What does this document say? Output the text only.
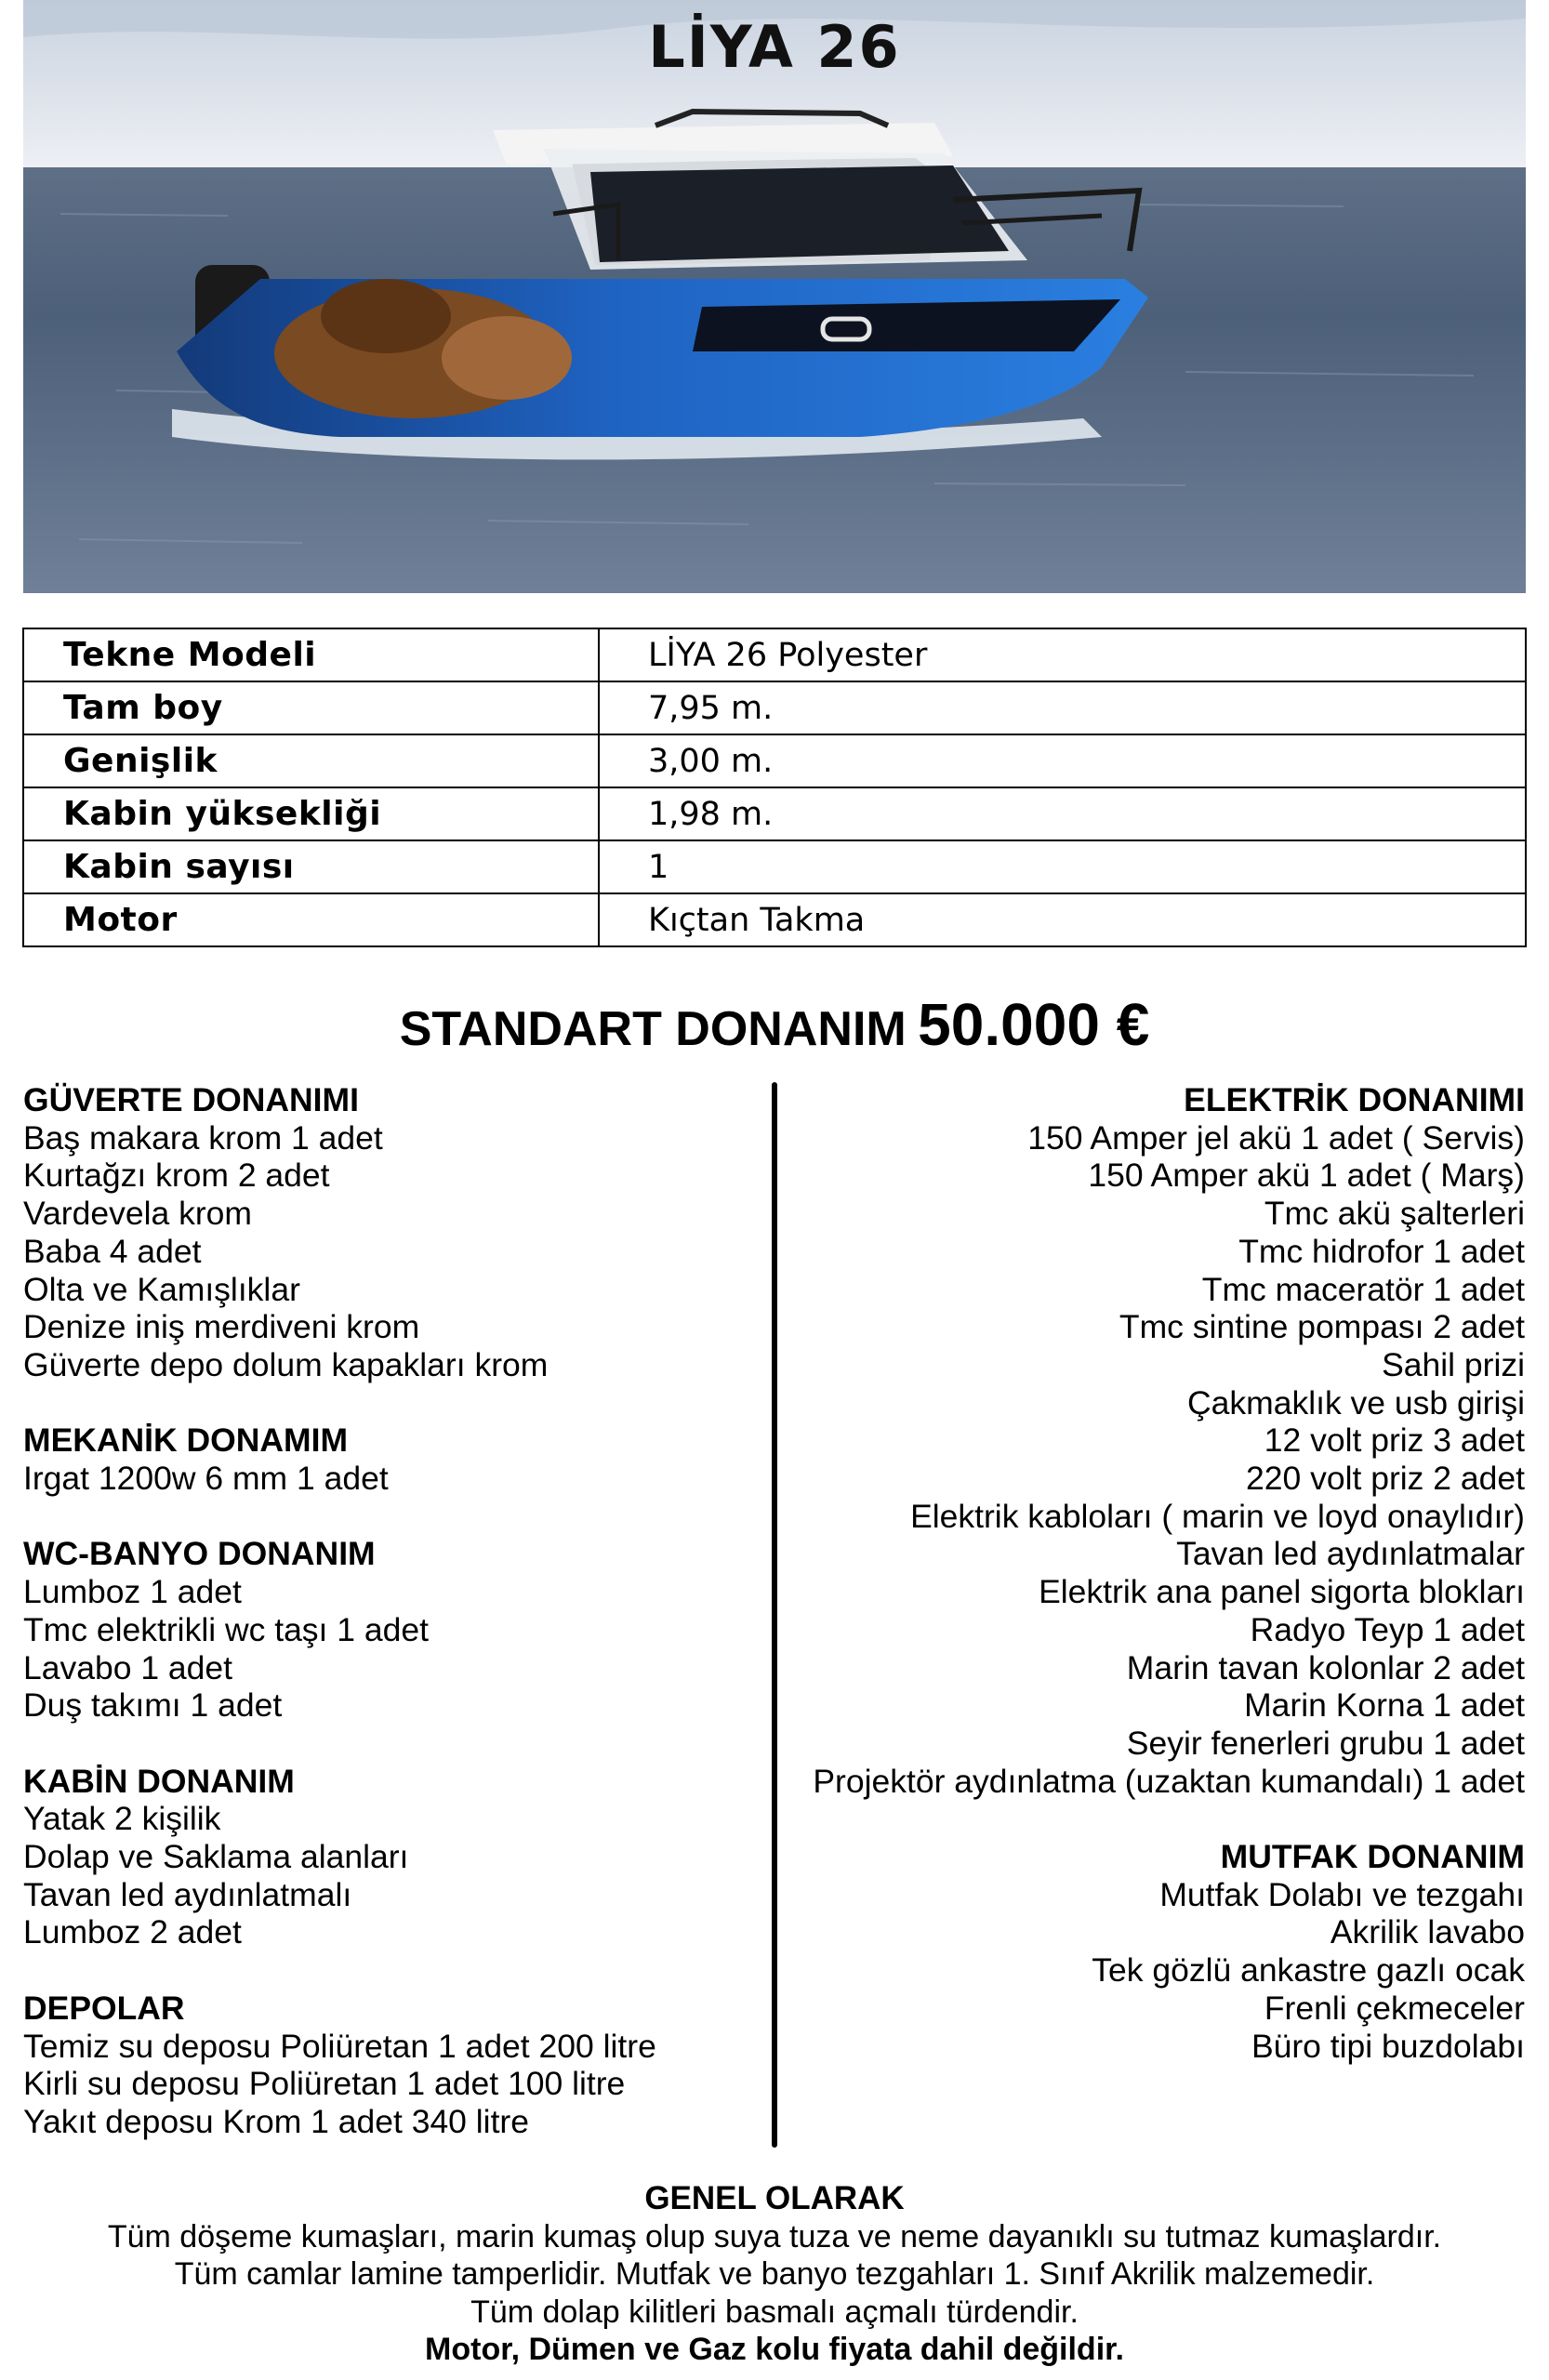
LİYA 26
Tekne Modeli	LİYA 26 Polyester
Tam boy	7,95 m.
Genişlik	3,00 m.
Kabin yüksekliği	1,98 m.
Kabin sayısı	1
Motor	Kıçtan Takma
STANDART DONANIM 50.000 €
GÜVERTE DONANIMI
Baş makara krom 1 adet
Kurtağzı krom 2 adet
Vardevela krom
Baba 4 adet
Olta ve Kamışlıklar
Denize iniş merdiveni krom
Güverte depo dolum kapakları krom
MEKANİK DONAMIM
Irgat 1200w 6 mm 1 adet
WC-BANYO DONANIM
Lumboz 1 adet
Tmc elektrikli wc taşı 1 adet
Lavabo 1 adet
Duş takımı 1 adet
KABİN DONANIM
Yatak 2 kişilik
Dolap ve Saklama alanları
Tavan led aydınlatmalı
Lumboz 2 adet
DEPOLAR
Temiz su deposu Poliüretan 1 adet 200 litre
Kirli su deposu Poliüretan 1 adet 100 litre
Yakıt deposu Krom 1 adet 340 litre
ELEKTRİK DONANIMI
150 Amper jel akü 1 adet ( Servis)
150 Amper akü 1 adet ( Marş)
Tmc akü şalterleri
Tmc hidrofor 1 adet
Tmc maceratör 1 adet
Tmc sintine pompası 2 adet
Sahil prizi
Çakmaklık ve usb girişi
12 volt priz 3 adet
220 volt priz 2 adet
Elektrik kabloları ( marin ve loyd onaylıdır)
Tavan led aydınlatmalar
Elektrik ana panel sigorta blokları
Radyo Teyp 1 adet
Marin tavan kolonlar 2 adet
Marin Korna 1 adet
Seyir fenerleri grubu 1 adet
Projektör aydınlatma (uzaktan kumandalı) 1 adet
MUTFAK DONANIM
Mutfak Dolabı ve tezgahı
Akrilik lavabo
Tek gözlü ankastre gazlı ocak
Frenli çekmeceler
Büro tipi buzdolabı
GENEL OLARAK
Tüm döşeme kumaşları, marin kumaş olup suya tuza ve neme dayanıklı su tutmaz kumaşlardır.
Tüm camlar lamine tamperlidir. Mutfak ve banyo tezgahları 1. Sınıf Akrilik malzemedir.
Tüm dolap kilitleri basmalı açmalı türdendir.
Motor, Dümen ve Gaz kolu fiyata dahil değildir.
